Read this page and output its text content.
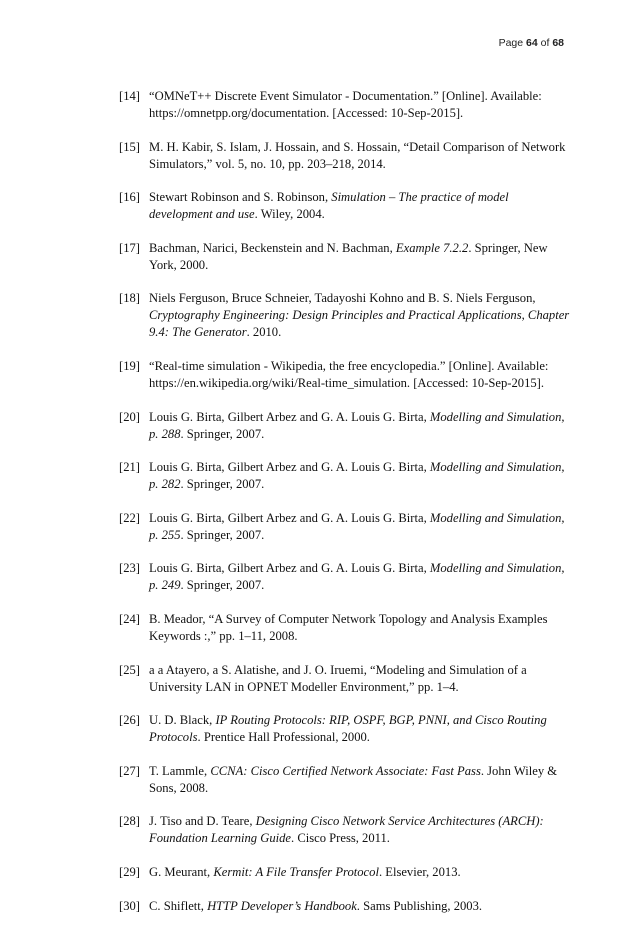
Page 64 of 68
[14] “OMNeT++ Discrete Event Simulator - Documentation.” [Online]. Available: https://omnetpp.org/documentation. [Accessed: 10-Sep-2015].
[15] M. H. Kabir, S. Islam, J. Hossain, and S. Hossain, “Detail Comparison of Network Simulators,” vol. 5, no. 10, pp. 203–218, 2014.
[16] Stewart Robinson and S. Robinson, Simulation – The practice of model development and use. Wiley, 2004.
[17] Bachman, Narici, Beckenstein and N. Bachman, Example 7.2.2. Springer, New York, 2000.
[18] Niels Ferguson, Bruce Schneier, Tadayoshi Kohno and B. S. Niels Ferguson, Cryptography Engineering: Design Principles and Practical Applications, Chapter 9.4: The Generator. 2010.
[19] “Real-time simulation - Wikipedia, the free encyclopedia.” [Online]. Available: https://en.wikipedia.org/wiki/Real-time_simulation. [Accessed: 10-Sep-2015].
[20] Louis G. Birta, Gilbert Arbez and G. A. Louis G. Birta, Modelling and Simulation, p. 288. Springer, 2007.
[21] Louis G. Birta, Gilbert Arbez and G. A. Louis G. Birta, Modelling and Simulation, p. 282. Springer, 2007.
[22] Louis G. Birta, Gilbert Arbez and G. A. Louis G. Birta, Modelling and Simulation, p. 255. Springer, 2007.
[23] Louis G. Birta, Gilbert Arbez and G. A. Louis G. Birta, Modelling and Simulation, p. 249. Springer, 2007.
[24] B. Meador, “A Survey of Computer Network Topology and Analysis Examples Keywords :,” pp. 1–11, 2008.
[25] a a Atayero, a S. Alatishe, and J. O. Iruemi, “Modeling and Simulation of a University LAN in OPNET Modeller Environment,” pp. 1–4.
[26] U. D. Black, IP Routing Protocols: RIP, OSPF, BGP, PNNI, and Cisco Routing Protocols. Prentice Hall Professional, 2000.
[27] T. Lammle, CCNA: Cisco Certified Network Associate: Fast Pass. John Wiley & Sons, 2008.
[28] J. Tiso and D. Teare, Designing Cisco Network Service Architectures (ARCH): Foundation Learning Guide. Cisco Press, 2011.
[29] G. Meurant, Kermit: A File Transfer Protocol. Elsevier, 2013.
[30] C. Shiflett, HTTP Developer’s Handbook. Sams Publishing, 2003.
